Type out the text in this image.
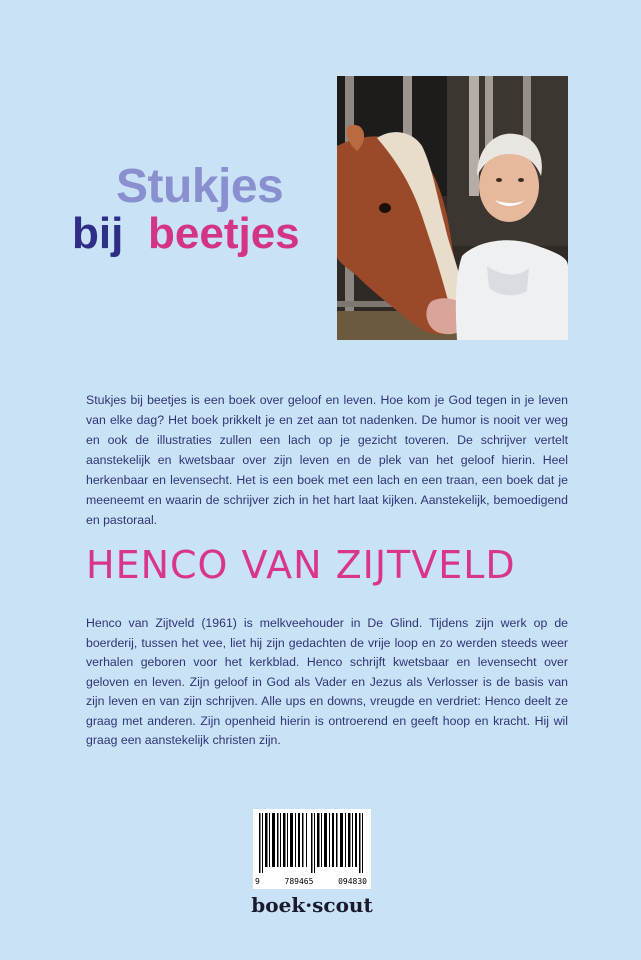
Stukjes
bij beetjes

Stukjes bij beetjes is een boek over geloof en leven. Hoe kom je God tegen in je leven van elke dag? Het boek prikkelt je en zet aan tot nadenken. De humor is nooit ver weg en ook de illustraties zullen een lach op je gezicht toveren. De schrijver vertelt aanstekelijk en kwetsbaar over zijn leven en de plek van het geloof hierin. Heel herkenbaar en levensecht. Het is een boek met een lach en een traan, een boek dat je meeneemt en waarin de schrijver zich in het hart laat kijken. Aanstekelijk, bemoedigend en pastoraal.

HENCO VAN ZIJTVELD

Henco van Zijtveld (1961) is melkveehouder in De Glind. Tijdens zijn werk op de boerderij, tussen het vee, liet hij zijn gedachten de vrije loop en zo werden steeds weer verhalen geboren voor het kerkblad. Henco schrijft kwetsbaar en levensecht over geloven en leven. Zijn geloof in God als Vader en Jezus als Verlosser is de basis van zijn leven en van zijn schrijven. Alle ups en downs, vreugde en verdriet: Henco deelt ze graag met anderen. Zijn openheid hierin is ontroerend en geeft hoop en kracht. Hij wil graag een aanstekelijk christen zijn.

9	789465	094830
boek·scout
